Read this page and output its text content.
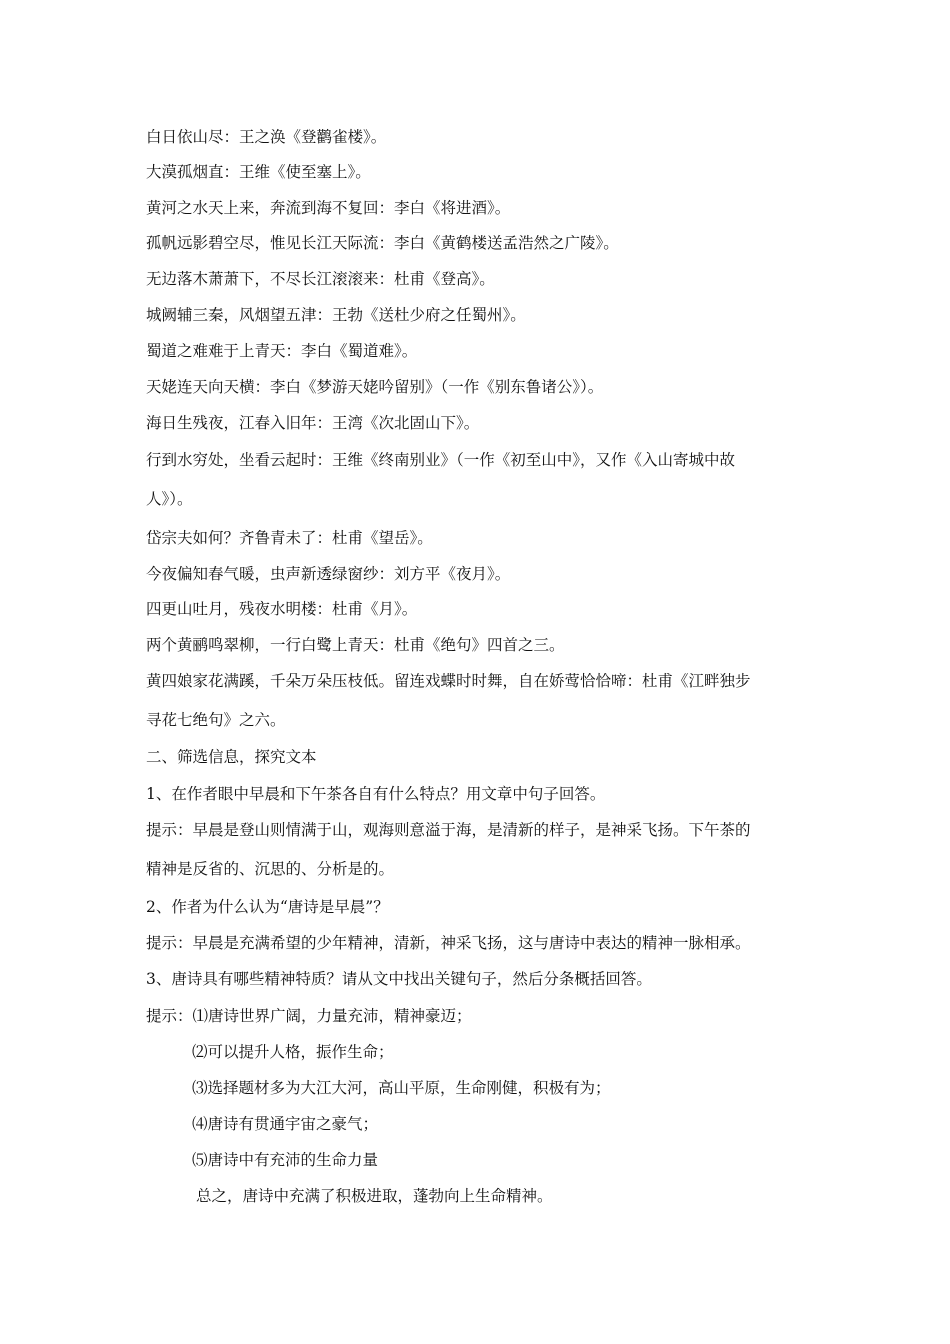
白日依山尽：王之涣《登鹳雀楼》。
大漠孤烟直：王维《使至塞上》。
黄河之水天上来，奔流到海不复回：李白《将进酒》。
孤帆远影碧空尽，惟见长江天际流：李白《黄鹤楼送孟浩然之广陵》。
无边落木萧萧下，不尽长江滚滚来：杜甫《登高》。
城阙辅三秦，风烟望五津：王勃《送杜少府之任蜀州》。
蜀道之难难于上青天：李白《蜀道难》。
天姥连天向天横：李白《梦游天姥吟留别》（一作《别东鲁诸公》）。
海日生残夜，江春入旧年：王湾《次北固山下》。
行到水穷处，坐看云起时：王维《终南别业》（一作《初至山中》，又作《入山寄城中故
人》）。
岱宗夫如何？齐鲁青未了：杜甫《望岳》。
今夜偏知春气暖，虫声新透绿窗纱：刘方平《夜月》。
四更山吐月，残夜水明楼：杜甫《月》。
两个黄鹂鸣翠柳，一行白鹭上青天：杜甫《绝句》四首之三。
黄四娘家花满蹊，千朵万朵压枝低。留连戏蝶时时舞，自在娇莺恰恰啼：杜甫《江畔独步
寻花七绝句》之六。
二、筛选信息，探究文本
1、在作者眼中早晨和下午茶各自有什么特点？用文章中句子回答。
提示：早晨是登山则情满于山，观海则意溢于海，是清新的样子，是神采飞扬。下午茶的
精神是反省的、沉思的、分析是的。
2、作者为什么认为“唐诗是早晨”？
提示：早晨是充满希望的少年精神，清新，神采飞扬，这与唐诗中表达的精神一脉相承。
3、唐诗具有哪些精神特质？请从文中找出关键句子，然后分条概括回答。
提示：⑴唐诗世界广阔，力量充沛，精神豪迈；
⑵可以提升人格，振作生命；
⑶选择题材多为大江大河，高山平原，生命刚健，积极有为；
⑷唐诗有贯通宇宙之豪气；
⑸唐诗中有充沛的生命力量
总之，唐诗中充满了积极进取，蓬勃向上生命精神。
